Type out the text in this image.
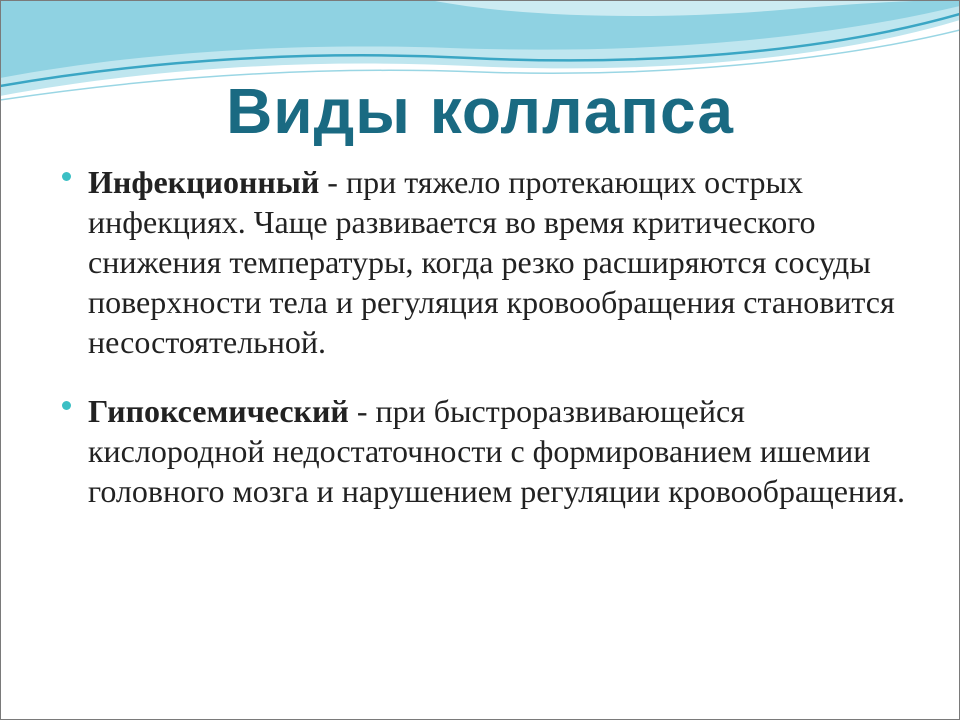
Виды коллапса
Инфекционный - при тяжело протекающих острых инфекциях. Чаще развивается во время критического снижения температуры, когда резко расширяются сосуды поверхности тела и регуляция кровообращения становится несостоятельной.
Гипоксемический - при быстроразвивающейся кислородной недостаточности с формированием ишемии головного мозга и нарушением регуляции кровообращения.
